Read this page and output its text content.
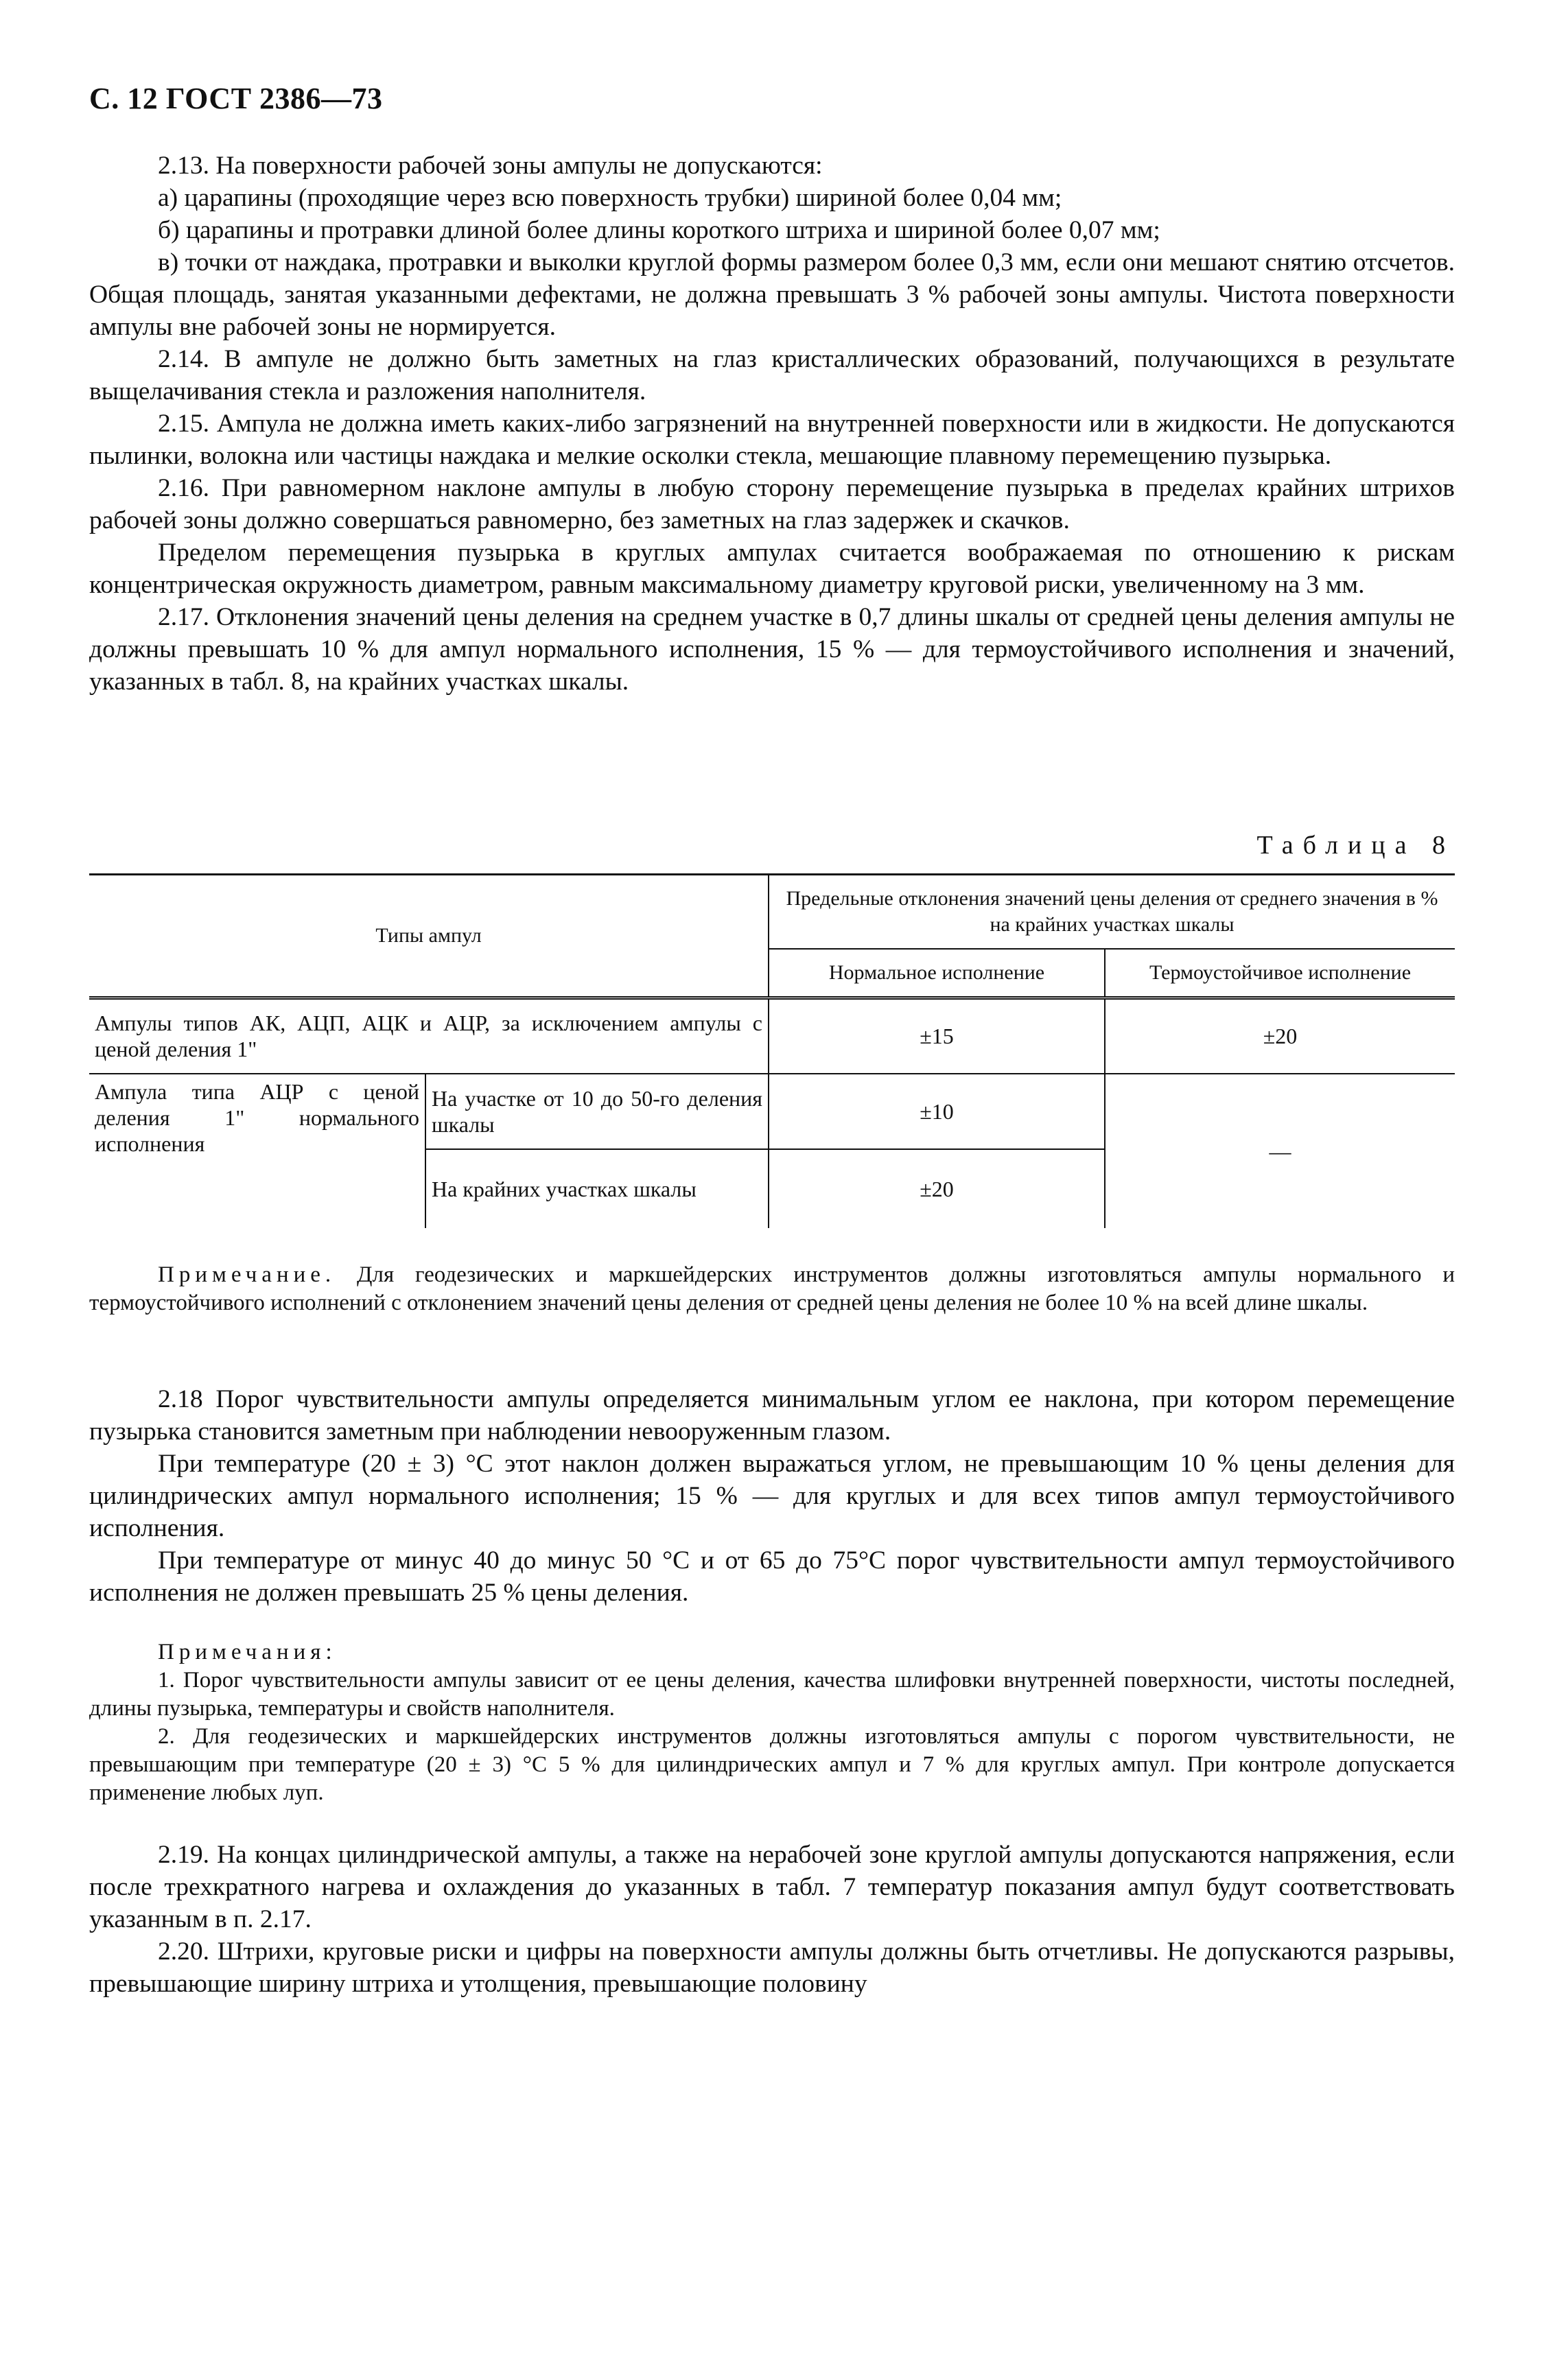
С. 12 ГОСТ 2386—73

2.13. На поверхности рабочей зоны ампулы не допускаются:

а) царапины (проходящие через всю поверхность трубки) шириной более 0,04 мм;

б) царапины и протравки длиной более длины короткого штриха и шириной более 0,07 мм;

в) точки от наждака, протравки и выколки круглой формы размером более 0,3 мм, если они мешают снятию отсчетов. Общая площадь, занятая указанными дефектами, не должна превышать 3 % рабочей зоны ампулы. Чистота поверхности ампулы вне рабочей зоны не нормируется.

2.14. В ампуле не должно быть заметных на глаз кристаллических образований, получающихся в результате выщелачивания стекла и разложения наполнителя.

2.15. Ампула не должна иметь каких-либо загрязнений на внутренней поверхности или в жидкости. Не допускаются пылинки, волокна или частицы наждака и мелкие осколки стекла, мешающие плавному перемещению пузырька.

2.16. При равномерном наклоне ампулы в любую сторону перемещение пузырька в пределах крайних штрихов рабочей зоны должно совершаться равномерно, без заметных на глаз задержек и скачков.

Пределом перемещения пузырька в круглых ампулах считается воображаемая по отношению к рискам концентрическая окружность диаметром, равным максимальному диаметру круговой риски, увеличенному на 3 мм.

2.17. Отклонения значений цены деления на среднем участке в 0,7 длины шкалы от средней цены деления ампулы не должны превышать 10 % для ампул нормального исполнения, 15 % — для термоустойчивого исполнения и значений, указанных в табл. 8, на крайних участках шкалы.

Таблица 8
Типы ампул		Предельные отклонения значений цены деления от среднего значения в % на крайних участках шкалы	
		Нормальное исполнение	Термоустойчивое исполнение
Ампулы типов АК, АЦП, АЦК и АЦР, за исключением ампулы с ценой деления 1"		±15	±20
Ампула типа АЦР с ценой деления 1" нормального исполнения	На участке от 10 до 50-го деления шкалы	±10	—
	На крайних участках шкалы	±20	

Примечание. Для геодезических и маркшейдерских инструментов должны изготовляться ампулы нормального и термоустойчивого исполнений с отклонением значений цены деления от средней цены деления не более 10 % на всей длине шкалы.

2.18 Порог чувствительности ампулы определяется минимальным углом ее наклона, при котором перемещение пузырька становится заметным при наблюдении невооруженным глазом.

При температуре (20 ± 3) °С этот наклон должен выражаться углом, не превышающим 10 % цены деления для цилиндрических ампул нормального исполнения; 15 % — для круглых и для всех типов ампул термоустойчивого исполнения.

При температуре от минус 40 до минус 50 °С и от 65 до 75°С порог чувствительности ампул термоустойчивого исполнения не должен превышать 25 % цены деления.

Примечания:

1. Порог чувствительности ампулы зависит от ее цены деления, качества шлифовки внутренней поверхности, чистоты последней, длины пузырька, температуры и свойств наполнителя.

2. Для геодезических и маркшейдерских инструментов должны изготовляться ампулы с порогом чувствительности, не превышающим при температуре (20 ± 3) °С 5 % для цилиндрических ампул и 7 % для круглых ампул. При контроле допускается применение любых луп.

2.19. На концах цилиндрической ампулы, а также на нерабочей зоне круглой ампулы допускаются напряжения, если после трехкратного нагрева и охлаждения до указанных в табл. 7 температур показания ампул будут соответствовать указанным в п. 2.17.

2.20. Штрихи, круговые риски и цифры на поверхности ампулы должны быть отчетливы. Не допускаются разрывы, превышающие ширину штриха и утолщения, превышающие половину
